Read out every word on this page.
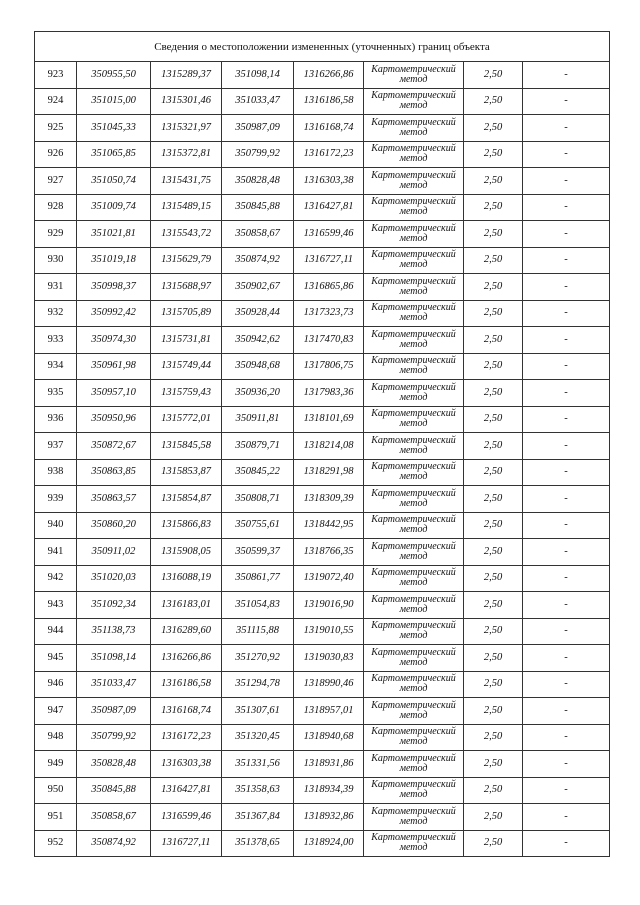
Сведения о местоположении измененных (уточненных) границ объекта							
923	350955,50	1315289,37	351098,14	1316266,86	Картометрический метод	2,50	-
924	351015,00	1315301,46	351033,47	1316186,58	Картометрический метод	2,50	-
925	351045,33	1315321,97	350987,09	1316168,74	Картометрический метод	2,50	-
926	351065,85	1315372,81	350799,92	1316172,23	Картометрический метод	2,50	-
927	351050,74	1315431,75	350828,48	1316303,38	Картометрический метод	2,50	-
928	351009,74	1315489,15	350845,88	1316427,81	Картометрический метод	2,50	-
929	351021,81	1315543,72	350858,67	1316599,46	Картометрический метод	2,50	-
930	351019,18	1315629,79	350874,92	1316727,11	Картометрический метод	2,50	-
931	350998,37	1315688,97	350902,67	1316865,86	Картометрический метод	2,50	-
932	350992,42	1315705,89	350928,44	1317323,73	Картометрический метод	2,50	-
933	350974,30	1315731,81	350942,62	1317470,83	Картометрический метод	2,50	-
934	350961,98	1315749,44	350948,68	1317806,75	Картометрический метод	2,50	-
935	350957,10	1315759,43	350936,20	1317983,36	Картометрический метод	2,50	-
936	350950,96	1315772,01	350911,81	1318101,69	Картометрический метод	2,50	-
937	350872,67	1315845,58	350879,71	1318214,08	Картометрический метод	2,50	-
938	350863,85	1315853,87	350845,22	1318291,98	Картометрический метод	2,50	-
939	350863,57	1315854,87	350808,71	1318309,39	Картометрический метод	2,50	-
940	350860,20	1315866,83	350755,61	1318442,95	Картометрический метод	2,50	-
941	350911,02	1315908,05	350599,37	1318766,35	Картометрический метод	2,50	-
942	351020,03	1316088,19	350861,77	1319072,40	Картометрический метод	2,50	-
943	351092,34	1316183,01	351054,83	1319016,90	Картометрический метод	2,50	-
944	351138,73	1316289,60	351115,88	1319010,55	Картометрический метод	2,50	-
945	351098,14	1316266,86	351270,92	1319030,83	Картометрический метод	2,50	-
946	351033,47	1316186,58	351294,78	1318990,46	Картометрический метод	2,50	-
947	350987,09	1316168,74	351307,61	1318957,01	Картометрический метод	2,50	-
948	350799,92	1316172,23	351320,45	1318940,68	Картометрический метод	2,50	-
949	350828,48	1316303,38	351331,56	1318931,86	Картометрический метод	2,50	-
950	350845,88	1316427,81	351358,63	1318934,39	Картометрический метод	2,50	-
951	350858,67	1316599,46	351367,84	1318932,86	Картометрический метод	2,50	-
952	350874,92	1316727,11	351378,65	1318924,00	Картометрический метод	2,50	-
